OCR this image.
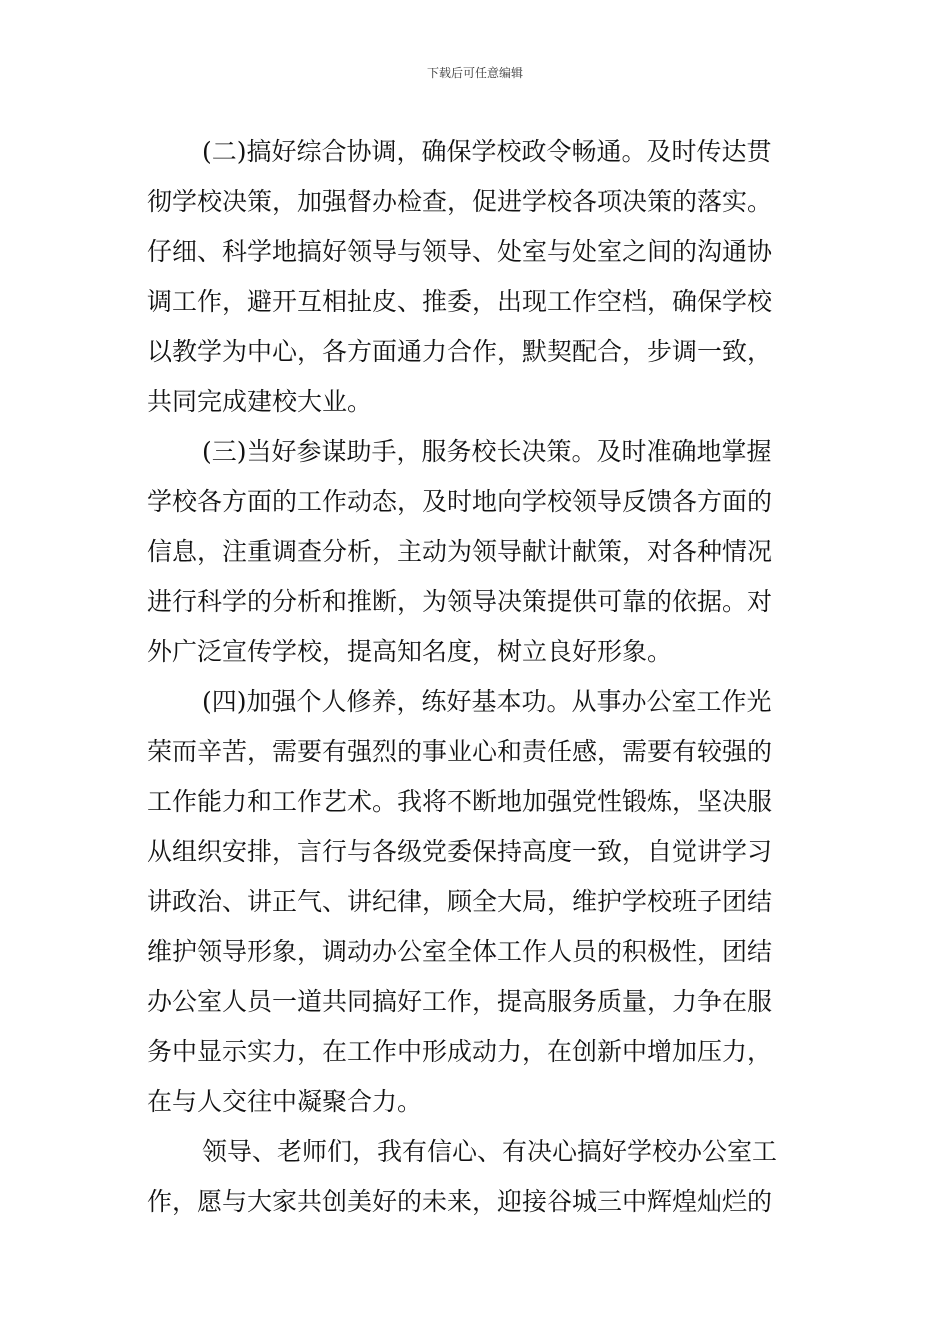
下载后可任意编辑
(二)搞好综合协调，确保学校政令畅通。及时传达贯
彻学校决策，加强督办检查，促进学校各项决策的落实。
仔细、科学地搞好领导与领导、处室与处室之间的沟通协
调工作，避开互相扯皮、推委，出现工作空档，确保学校
以教学为中心，各方面通力合作，默契配合，步调一致，
共同完成建校大业。
(三)当好参谋助手，服务校长决策。及时准确地掌握
学校各方面的工作动态，及时地向学校领导反馈各方面的
信息，注重调查分析，主动为领导献计献策，对各种情况
进行科学的分析和推断，为领导决策提供可靠的依据。对
外广泛宣传学校，提高知名度，树立良好形象。
(四)加强个人修养，练好基本功。从事办公室工作光
荣而辛苦，需要有强烈的事业心和责任感，需要有较强的
工作能力和工作艺术。我将不断地加强党性锻炼，坚决服
从组织安排，言行与各级党委保持高度一致，自觉讲学习
讲政治、讲正气、讲纪律，顾全大局，维护学校班子团结
维护领导形象，调动办公室全体工作人员的积极性，团结
办公室人员一道共同搞好工作，提高服务质量，力争在服
务中显示实力，在工作中形成动力，在创新中增加压力，
在与人交往中凝聚合力。
领导、老师们，我有信心、有决心搞好学校办公室工
作，愿与大家共创美好的未来，迎接谷城三中辉煌灿烂的
